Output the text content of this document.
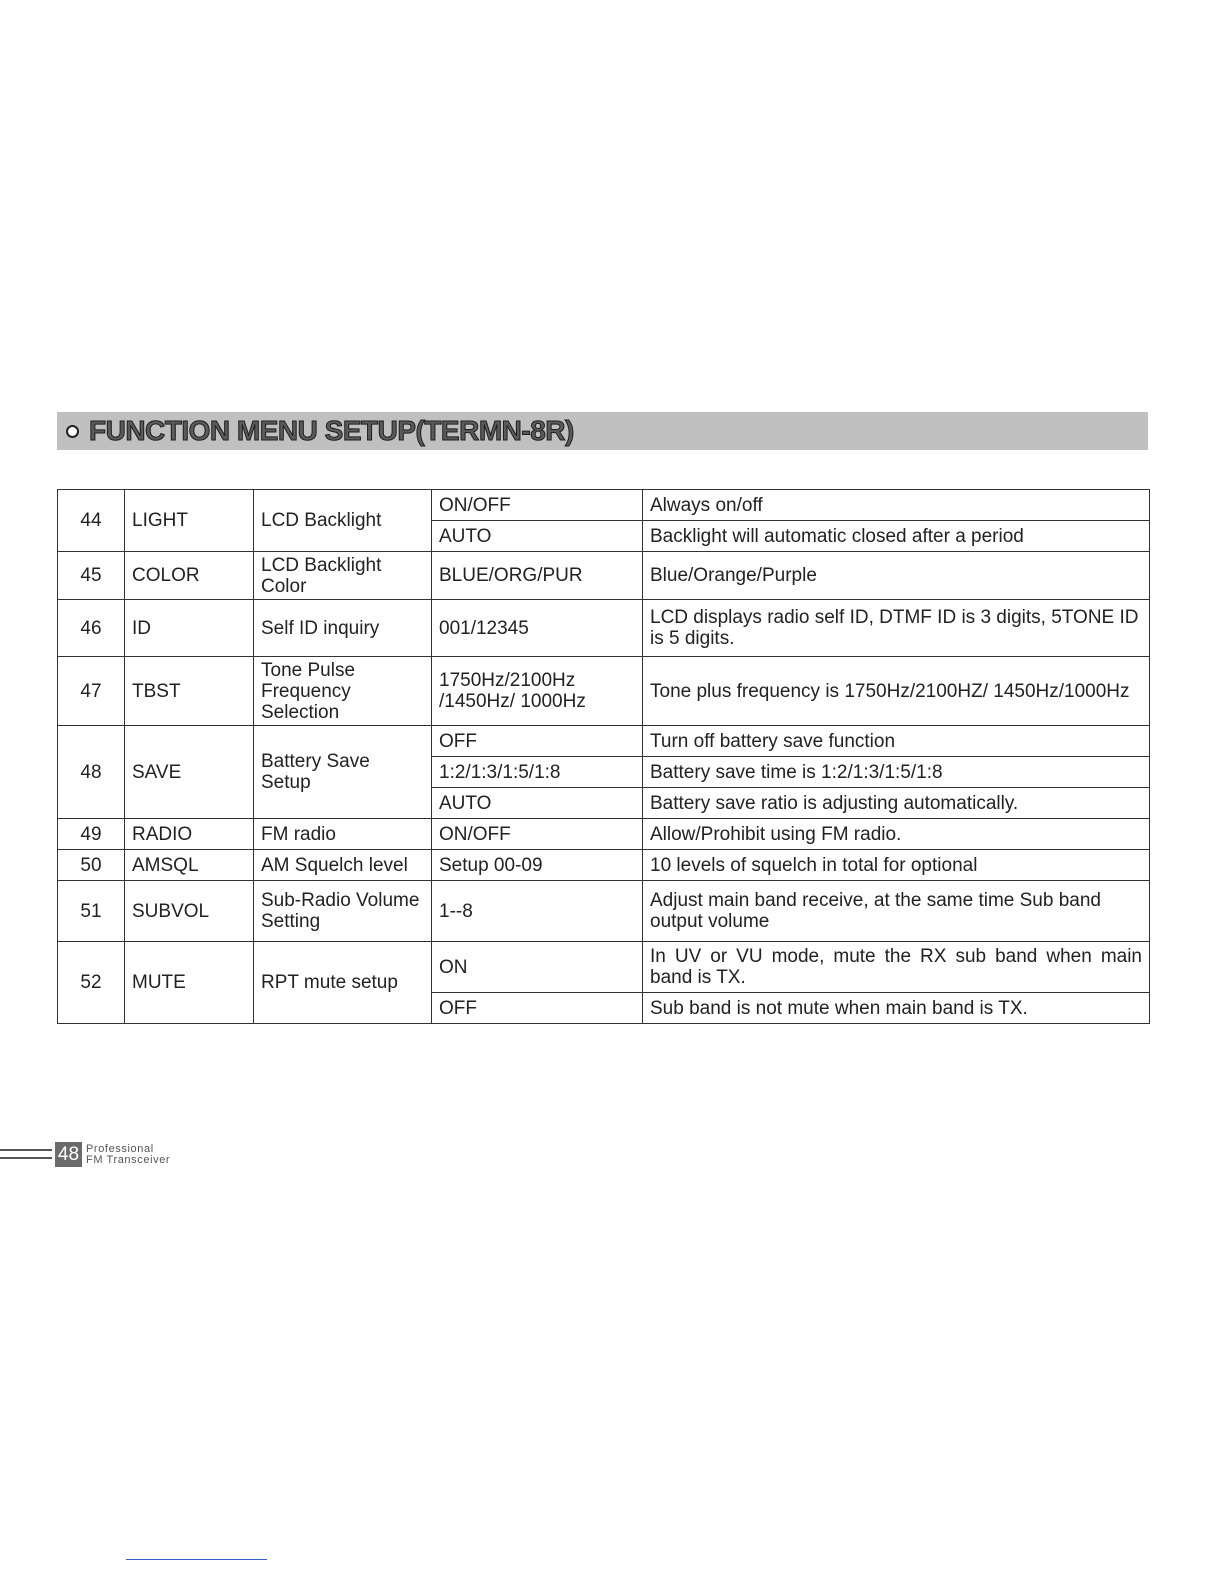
FUNCTION MENU SETUP(TERMN-8R)
44	LIGHT	LCD Backlight	ON/OFF	Always on/off
			AUTO	Backlight will automatic closed after a period
45	COLOR	LCD Backlight Color	BLUE/ORG/PUR	Blue/Orange/Purple
46	ID	Self ID inquiry	001/12345	LCD displays radio self ID, DTMF ID is 3 digits, 5TONE ID is 5 digits.
47	TBST	Tone Pulse Frequency Selection	1750Hz/2100Hz /1450Hz/ 1000Hz	Tone plus frequency is 1750Hz/2100HZ/ 1450Hz/1000Hz
48	SAVE	Battery Save Setup	OFF	Turn off battery save function
			1:2/1:3/1:5/1:8	Battery save time is 1:2/1:3/1:5/1:8
			AUTO	Battery save ratio is adjusting automatically.
49	RADIO	FM radio	ON/OFF	Allow/Prohibit using FM radio.
50	AMSQL	AM Squelch level	Setup 00-09	10 levels of squelch in total for optional
51	SUBVOL	Sub-Radio Volume Setting	1--8	Adjust main band receive, at the same time Sub band output volume
52	MUTE	RPT mute setup	ON	In UV or VU mode, mute the RX sub band when main band is TX.
			OFF	Sub band is not mute when main band is TX.
48 Professional
FM Transceiver
